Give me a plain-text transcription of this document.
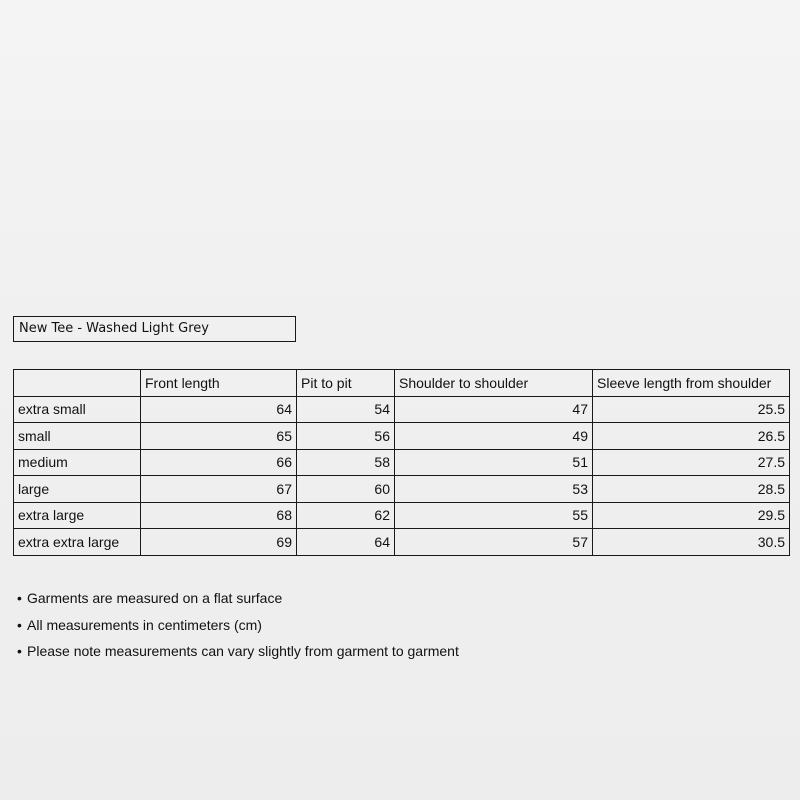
New Tee - Washed Light Grey
	Front length	Pit to pit	Shoulder to shoulder	Sleeve length from shoulder
extra small	64	54	47	25.5
small	65	56	49	26.5
medium	66	58	51	27.5
large	67	60	53	28.5
extra large	68	62	55	29.5
extra extra large	69	64	57	30.5
• Garments are measured on a flat surface
• All measurements in centimeters (cm)
• Please note measurements can vary slightly from garment to garment
